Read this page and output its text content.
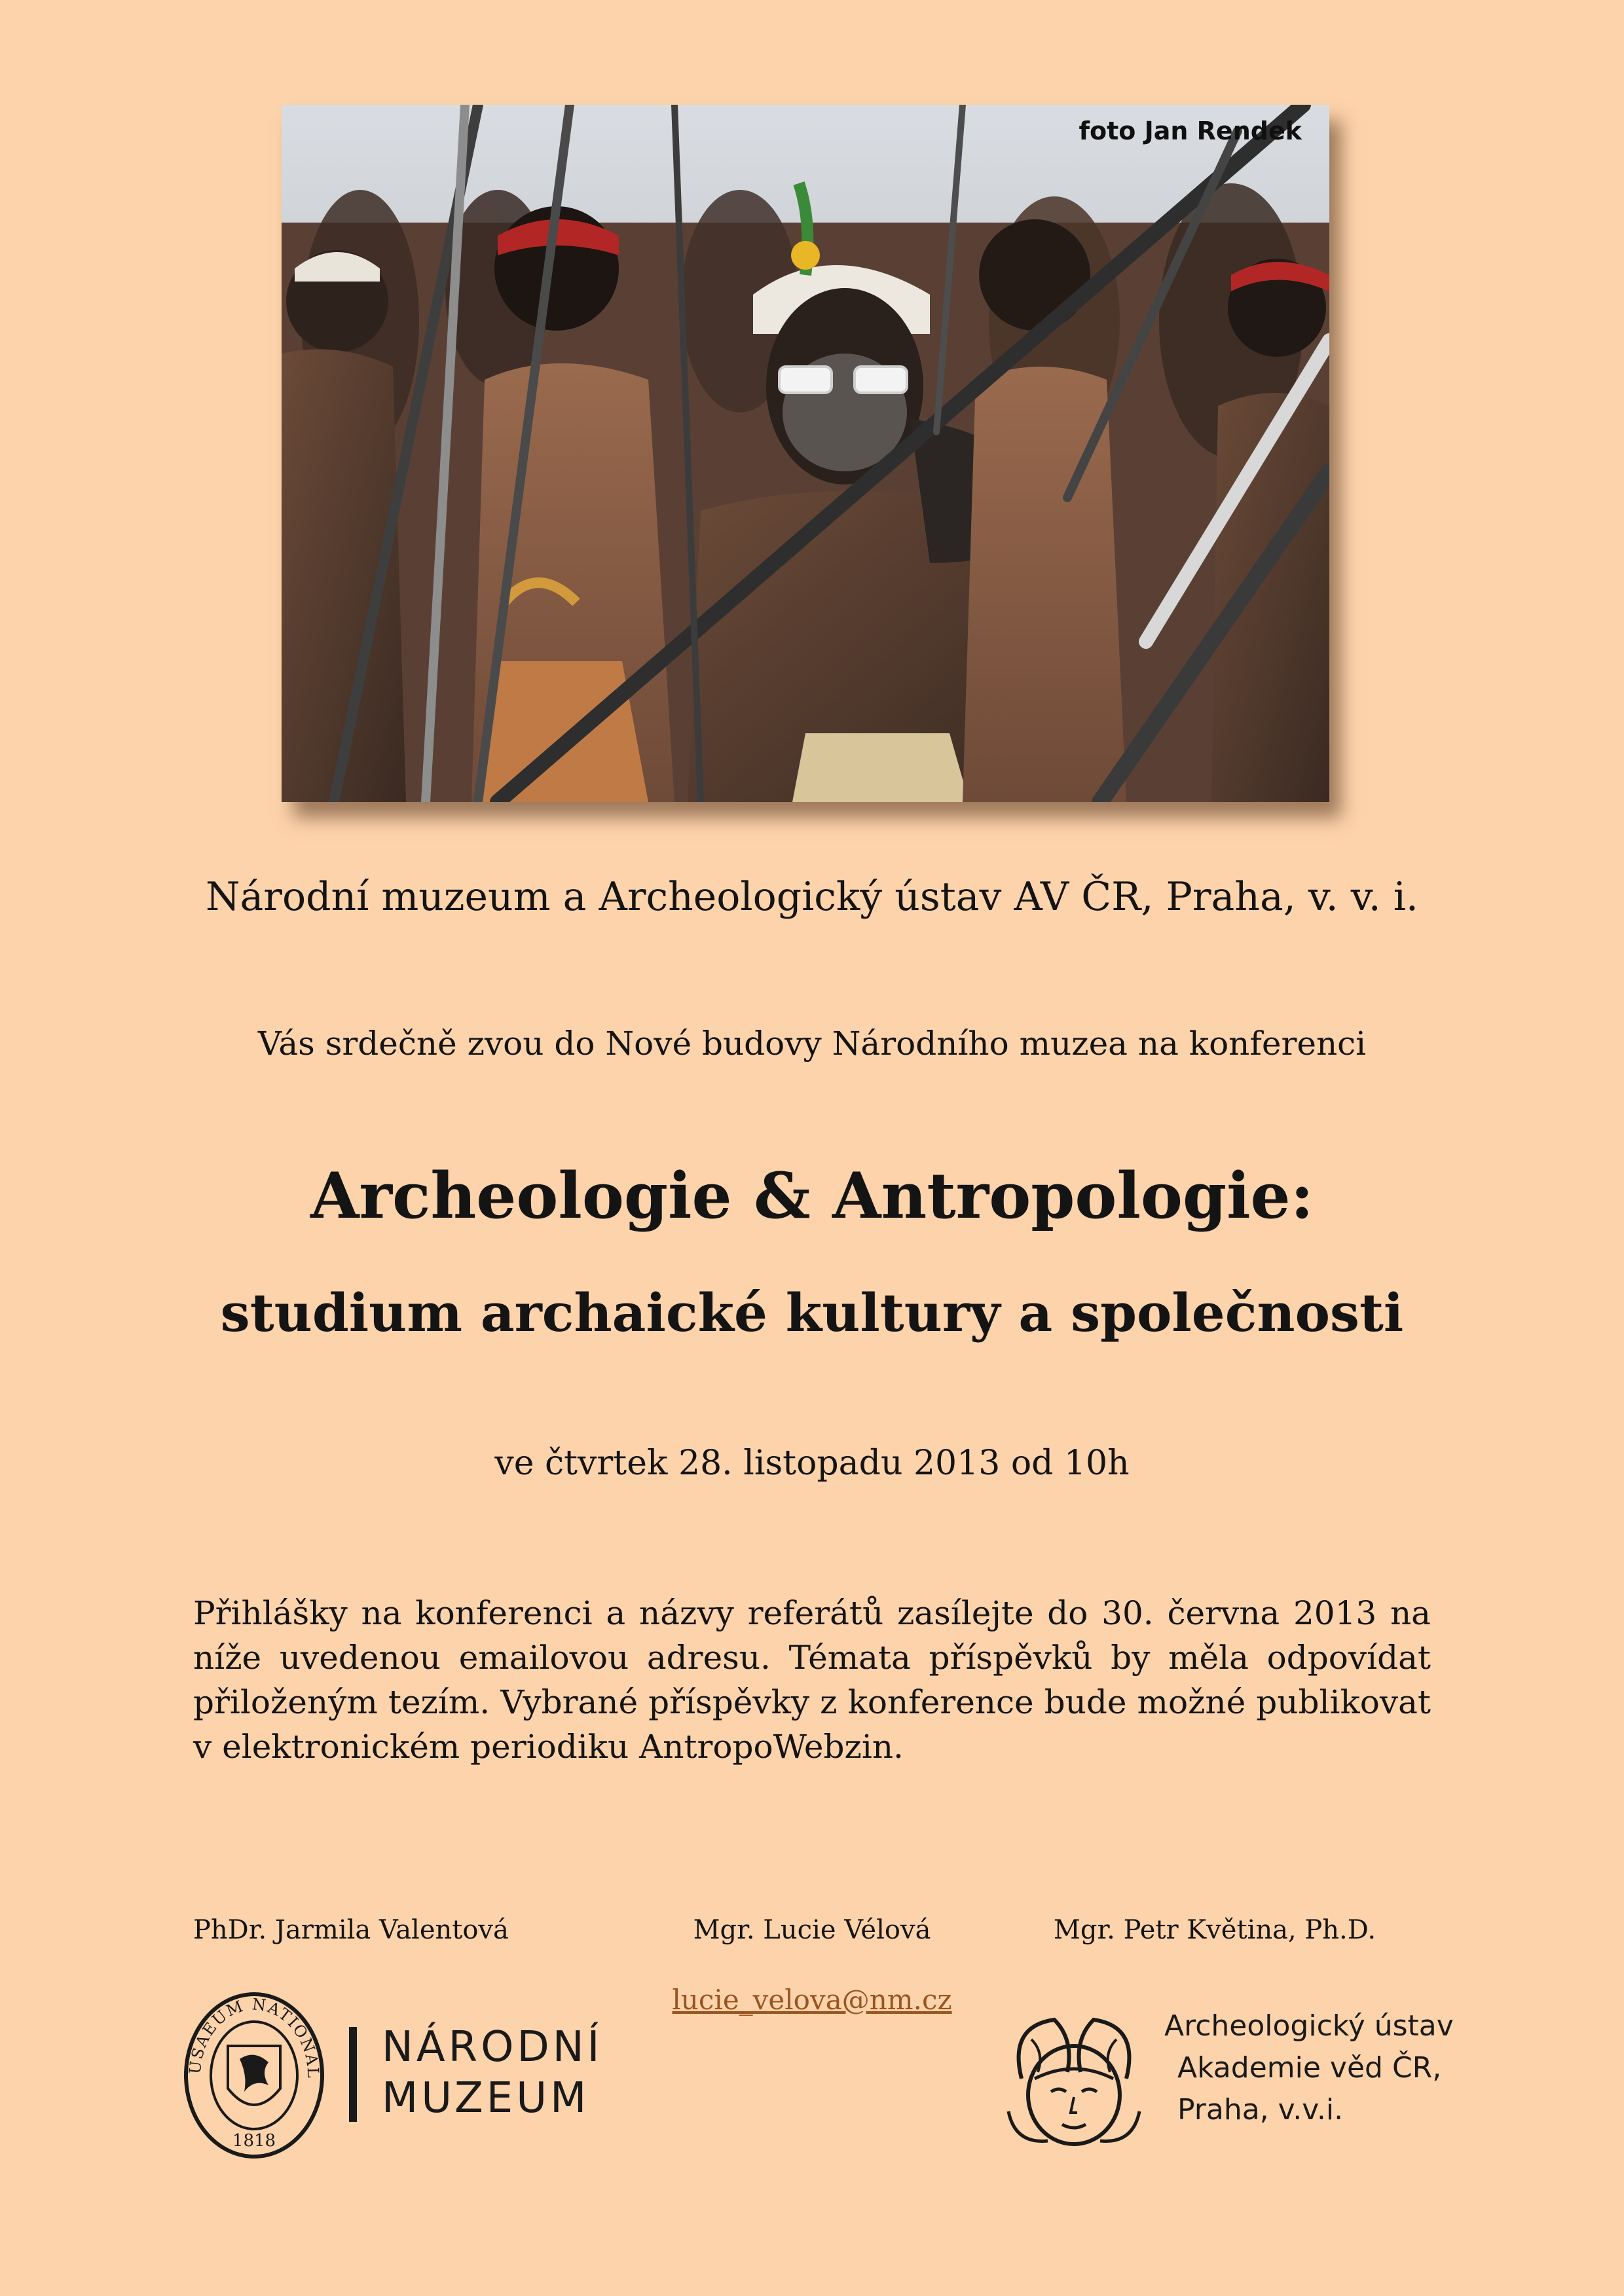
foto Jan Rendek
Národní muzeum a Archeologický ústav AV ČR, Praha, v. v. i.
Vás srdečně zvou do Nové budovy Národního muzea na konferenci
Archeologie & Antropologie:
studium archaické kultury a společnosti
ve čtvrtek 28. listopadu 2013 od 10h
Přihlášky na konferenci a názvy referátů zasílejte do 30. června 2013 na níže uvedenou emailovou adresu. Témata příspěvků by měla odpovídat přiloženým tezím. Vybrané příspěvky z konference bude možné publikovat v elektronickém periodiku AntropoWebzin.
PhDr. Jarmila Valentová	Mgr. Lucie Vélová	Mgr. Petr Květina, Ph.D.
lucie_velova@nm.cz
USAEUM NATIONAL
1818
NÁRODNÍ
MUZEUM
Archeologický ústav
Akademie věd ČR,
Praha, v.v.i.
